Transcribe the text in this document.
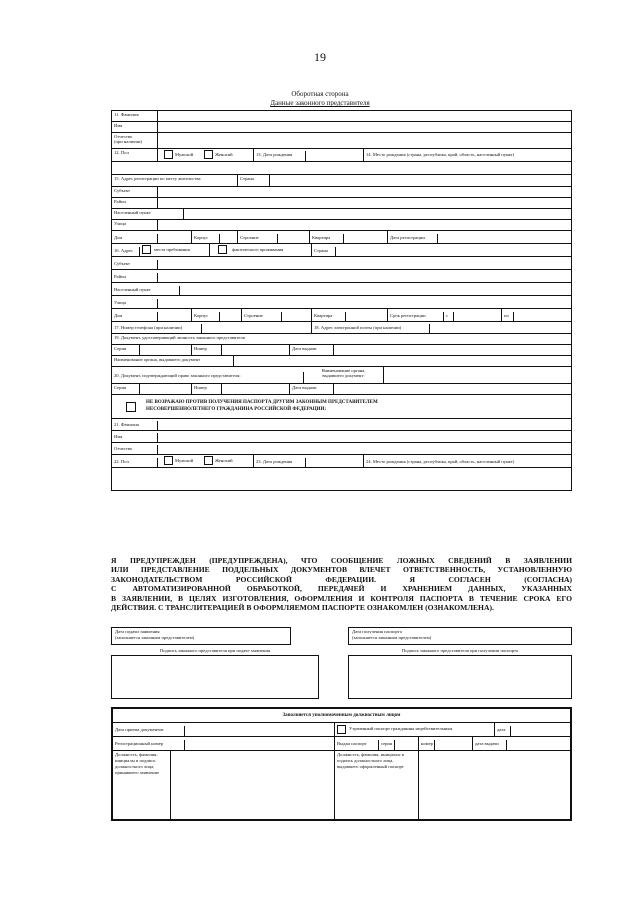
19
Оборотная сторона
Данные законного представителя
11. Фамилия
Имя
Отчество
(при наличии)
12. Пол	Мужской	Женский	13. Дата рождения	14. Место рождения (страна, республика, край, область, населенный пункт)
15. Адрес регистрации по месту жительства	Страна
Субъект
Район
Населенный пункт
Улица
Дом	Корпус	Строение	Квартира	Дата регистрации
16. Адрес	места пребывания	фактического проживания	Страна
Субъект
Район
Населенный пункт
Улица
Дом	Корпус	Строение	Квартира	Срок регистрации	с	по
17. Номер телефона (при наличии)	18. Адрес электронной почты (при наличии)
19. Документ, удостоверяющий личность законного представителя
Серия	Номер	Дата выдачи
Наименование органа, выдавшего документ
20. Документ, подтверждающий право законного представителя:
Наименование органа,
выдавшего документ:
Серия	Номер	Дата выдачи
НЕ ВОЗРАЖАЮ ПРОТИВ ПОЛУЧЕНИЯ ПАСПОРТА ДРУГИМ ЗАКОННЫМ ПРЕДСТАВИТЕЛЕМ
НЕСОВЕРШЕННОЛЕТНЕГО ГРАЖДАНИНА РОССИЙСКОЙ ФЕДЕРАЦИИ:
21. Фамилия
Имя
Отчество
22. Пол	Мужской	Женский	23. Дата рождения	24. Место рождения (страна, республика, край, область, населенный пункт)
Я ПРЕДУПРЕЖДЕН (ПРЕДУПРЕЖДЕНА), ЧТО СООБЩЕНИЕ ЛОЖНЫХ СВЕДЕНИЙ В ЗАЯВЛЕНИИ
ИЛИ ПРЕДСТАВЛЕНИЕ ПОДДЕЛЬНЫХ ДОКУМЕНТОВ ВЛЕЧЕТ ОТВЕТСТВЕННОСТЬ, УСТАНОВЛЕННУЮ
ЗАКОНОДАТЕЛЬСТВОМ РОССИЙСКОЙ ФЕДЕРАЦИИ. Я СОГЛАСЕН (СОГЛАСНА)
С АВТОМАТИЗИРОВАННОЙ ОБРАБОТКОЙ, ПЕРЕДАЧЕЙ И ХРАНЕНИЕМ ДАННЫХ, УКАЗАННЫХ
В ЗАЯВЛЕНИИ, В ЦЕЛЯХ ИЗГОТОВЛЕНИЯ, ОФОРМЛЕНИЯ И КОНТРОЛЯ ПАСПОРТА В ТЕЧЕНИЕ СРОКА ЕГО
ДЕЙСТВИЯ. С ТРАНСЛИТЕРАЦИЕЙ В ОФОРМЛЯЕМОМ ПАСПОРТЕ ОЗНАКОМЛЕН (ОЗНАКОМЛЕНА).
Дата подачи заявления
(заполняется законным представителем)
Дата получения паспорта
(заполняется законным представителем)
Подпись законного представителя при подаче заявления	Подпись законного представителя при получении паспорта
Заполняется уполномоченным должностным лицом
Дата приема документов	Утраченный паспорт гражданина недействительным	дата
Регистрационный номер	Выдан паспорт	серия	номер	дата выдачи
Должность, фамилия,
инициалы и подпись
должностного лица,
принявшего заявление
Должность, фамилия, инициалы и
подпись должностного лица,
выдавшего оформленный паспорт
